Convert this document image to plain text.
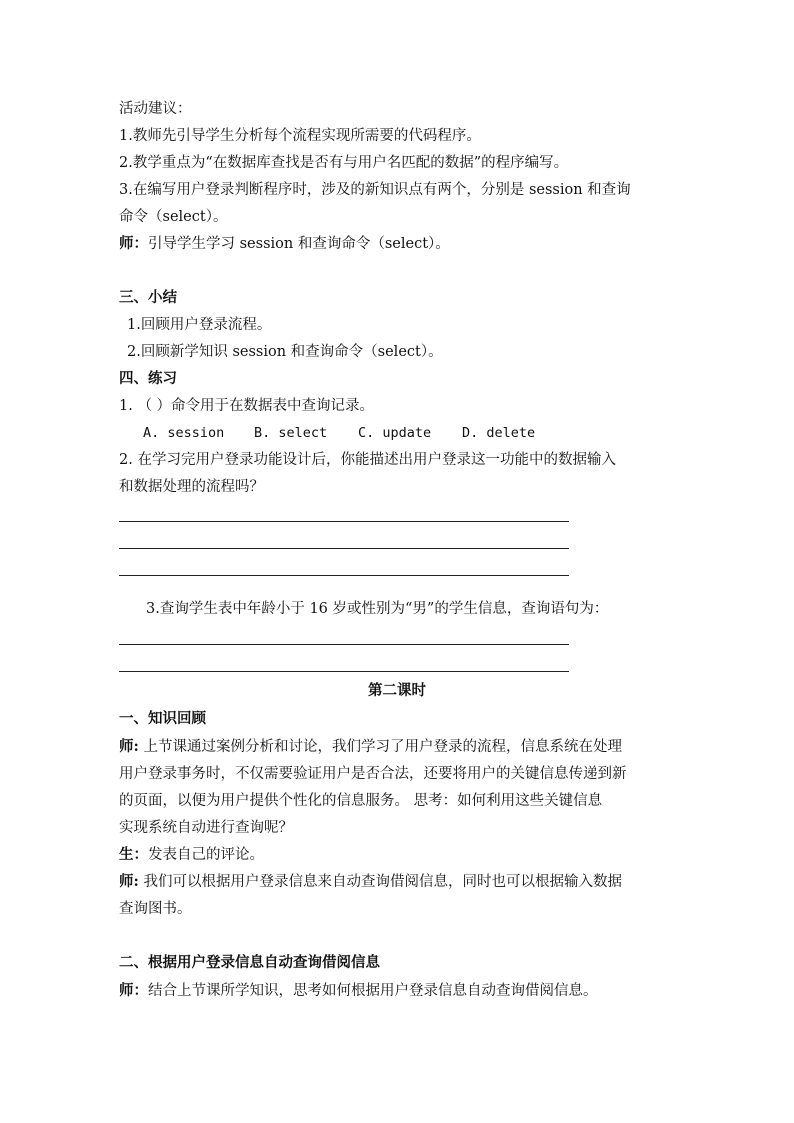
活动建议：
1.教师先引导学生分析每个流程实现所需要的代码程序。
2.教学重点为“在数据库查找是否有与用户名匹配的数据”的程序编写。
3.在编写用户登录判断程序时，涉及的新知识点有两个，分别是 session 和查询
命令（select）。
师：引导学生学习 session 和查询命令（select）。
三、小结
1.回顾用户登录流程。
2.回顾新学知识 session 和查询命令（select）。
四、练习
1. （ ）命令用于在数据表中查询记录。
A. session B. select C. update D. delete
2. 在学习完用户登录功能设计后，你能描述出用户登录这一功能中的数据输入
和数据处理的流程吗？
3.查询学生表中年龄小于 16 岁或性别为“男”的学生信息，查询语句为：
第二课时
一、知识回顾
师: 上节课通过案例分析和讨论，我们学习了用户登录的流程，信息系统在处理
用户登录事务时，不仅需要验证用户是否合法，还要将用户的关键信息传递到新
的页面，以便为用户提供个性化的信息服务。 思考：如何利用这些关键信息
实现系统自动进行查询呢？
生：发表自己的评论。
师: 我们可以根据用户登录信息来自动查询借阅信息，同时也可以根据输入数据
查询图书。
二、根据用户登录信息自动查询借阅信息
师：结合上节课所学知识，思考如何根据用户登录信息自动查询借阅信息。
